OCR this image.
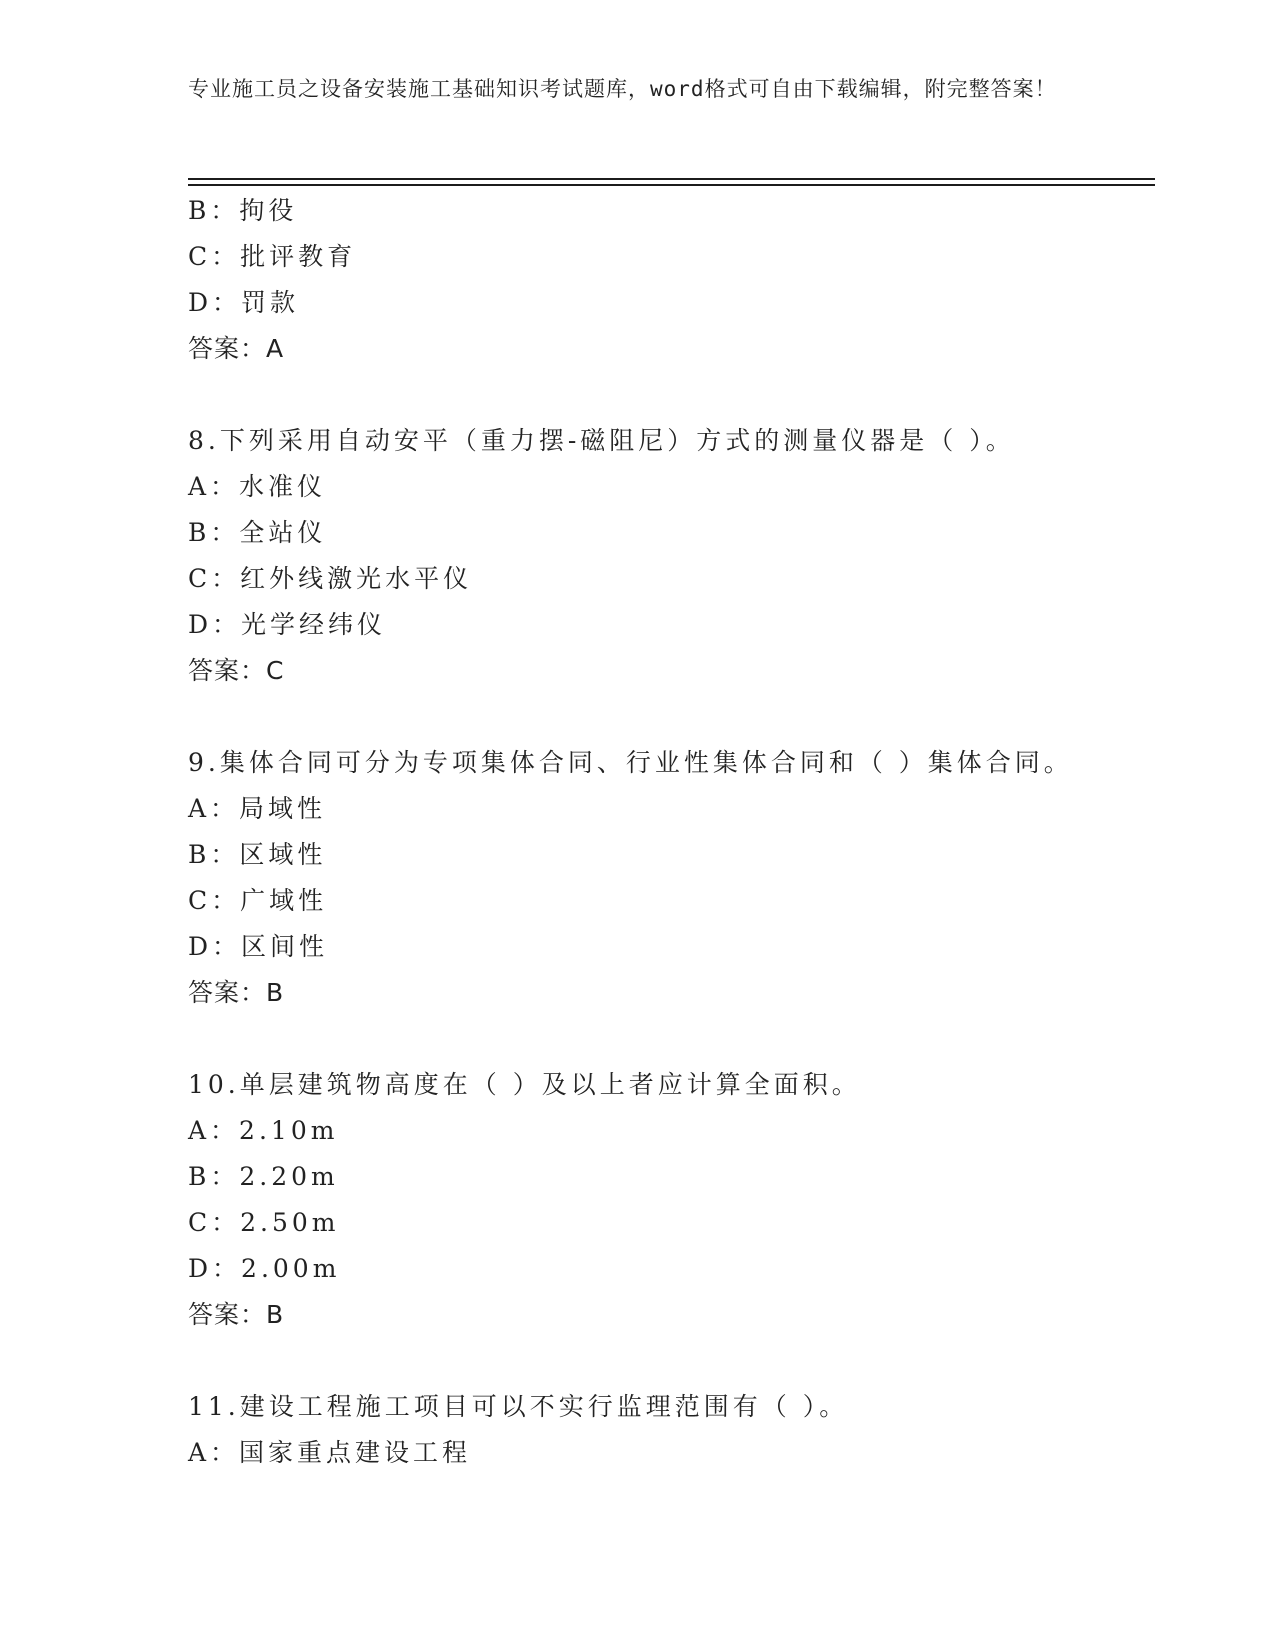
专业施工员之设备安装施工基础知识考试题库，word格式可自由下载编辑，附完整答案！
B：拘役
C：批评教育
D：罚款
答案：A
8.下列采用自动安平（重力摆-磁阻尼）方式的测量仪器是（ ）。
A：水准仪
B：全站仪
C：红外线激光水平仪
D：光学经纬仪
答案：C
9.集体合同可分为专项集体合同、行业性集体合同和（ ）集体合同。
A：局域性
B：区域性
C：广域性
D：区间性
答案：B
10.单层建筑物高度在（ ）及以上者应计算全面积。
A：2.10m
B：2.20m
C：2.50m
D：2.00m
答案：B
11.建设工程施工项目可以不实行监理范围有（ ）。
A：国家重点建设工程
